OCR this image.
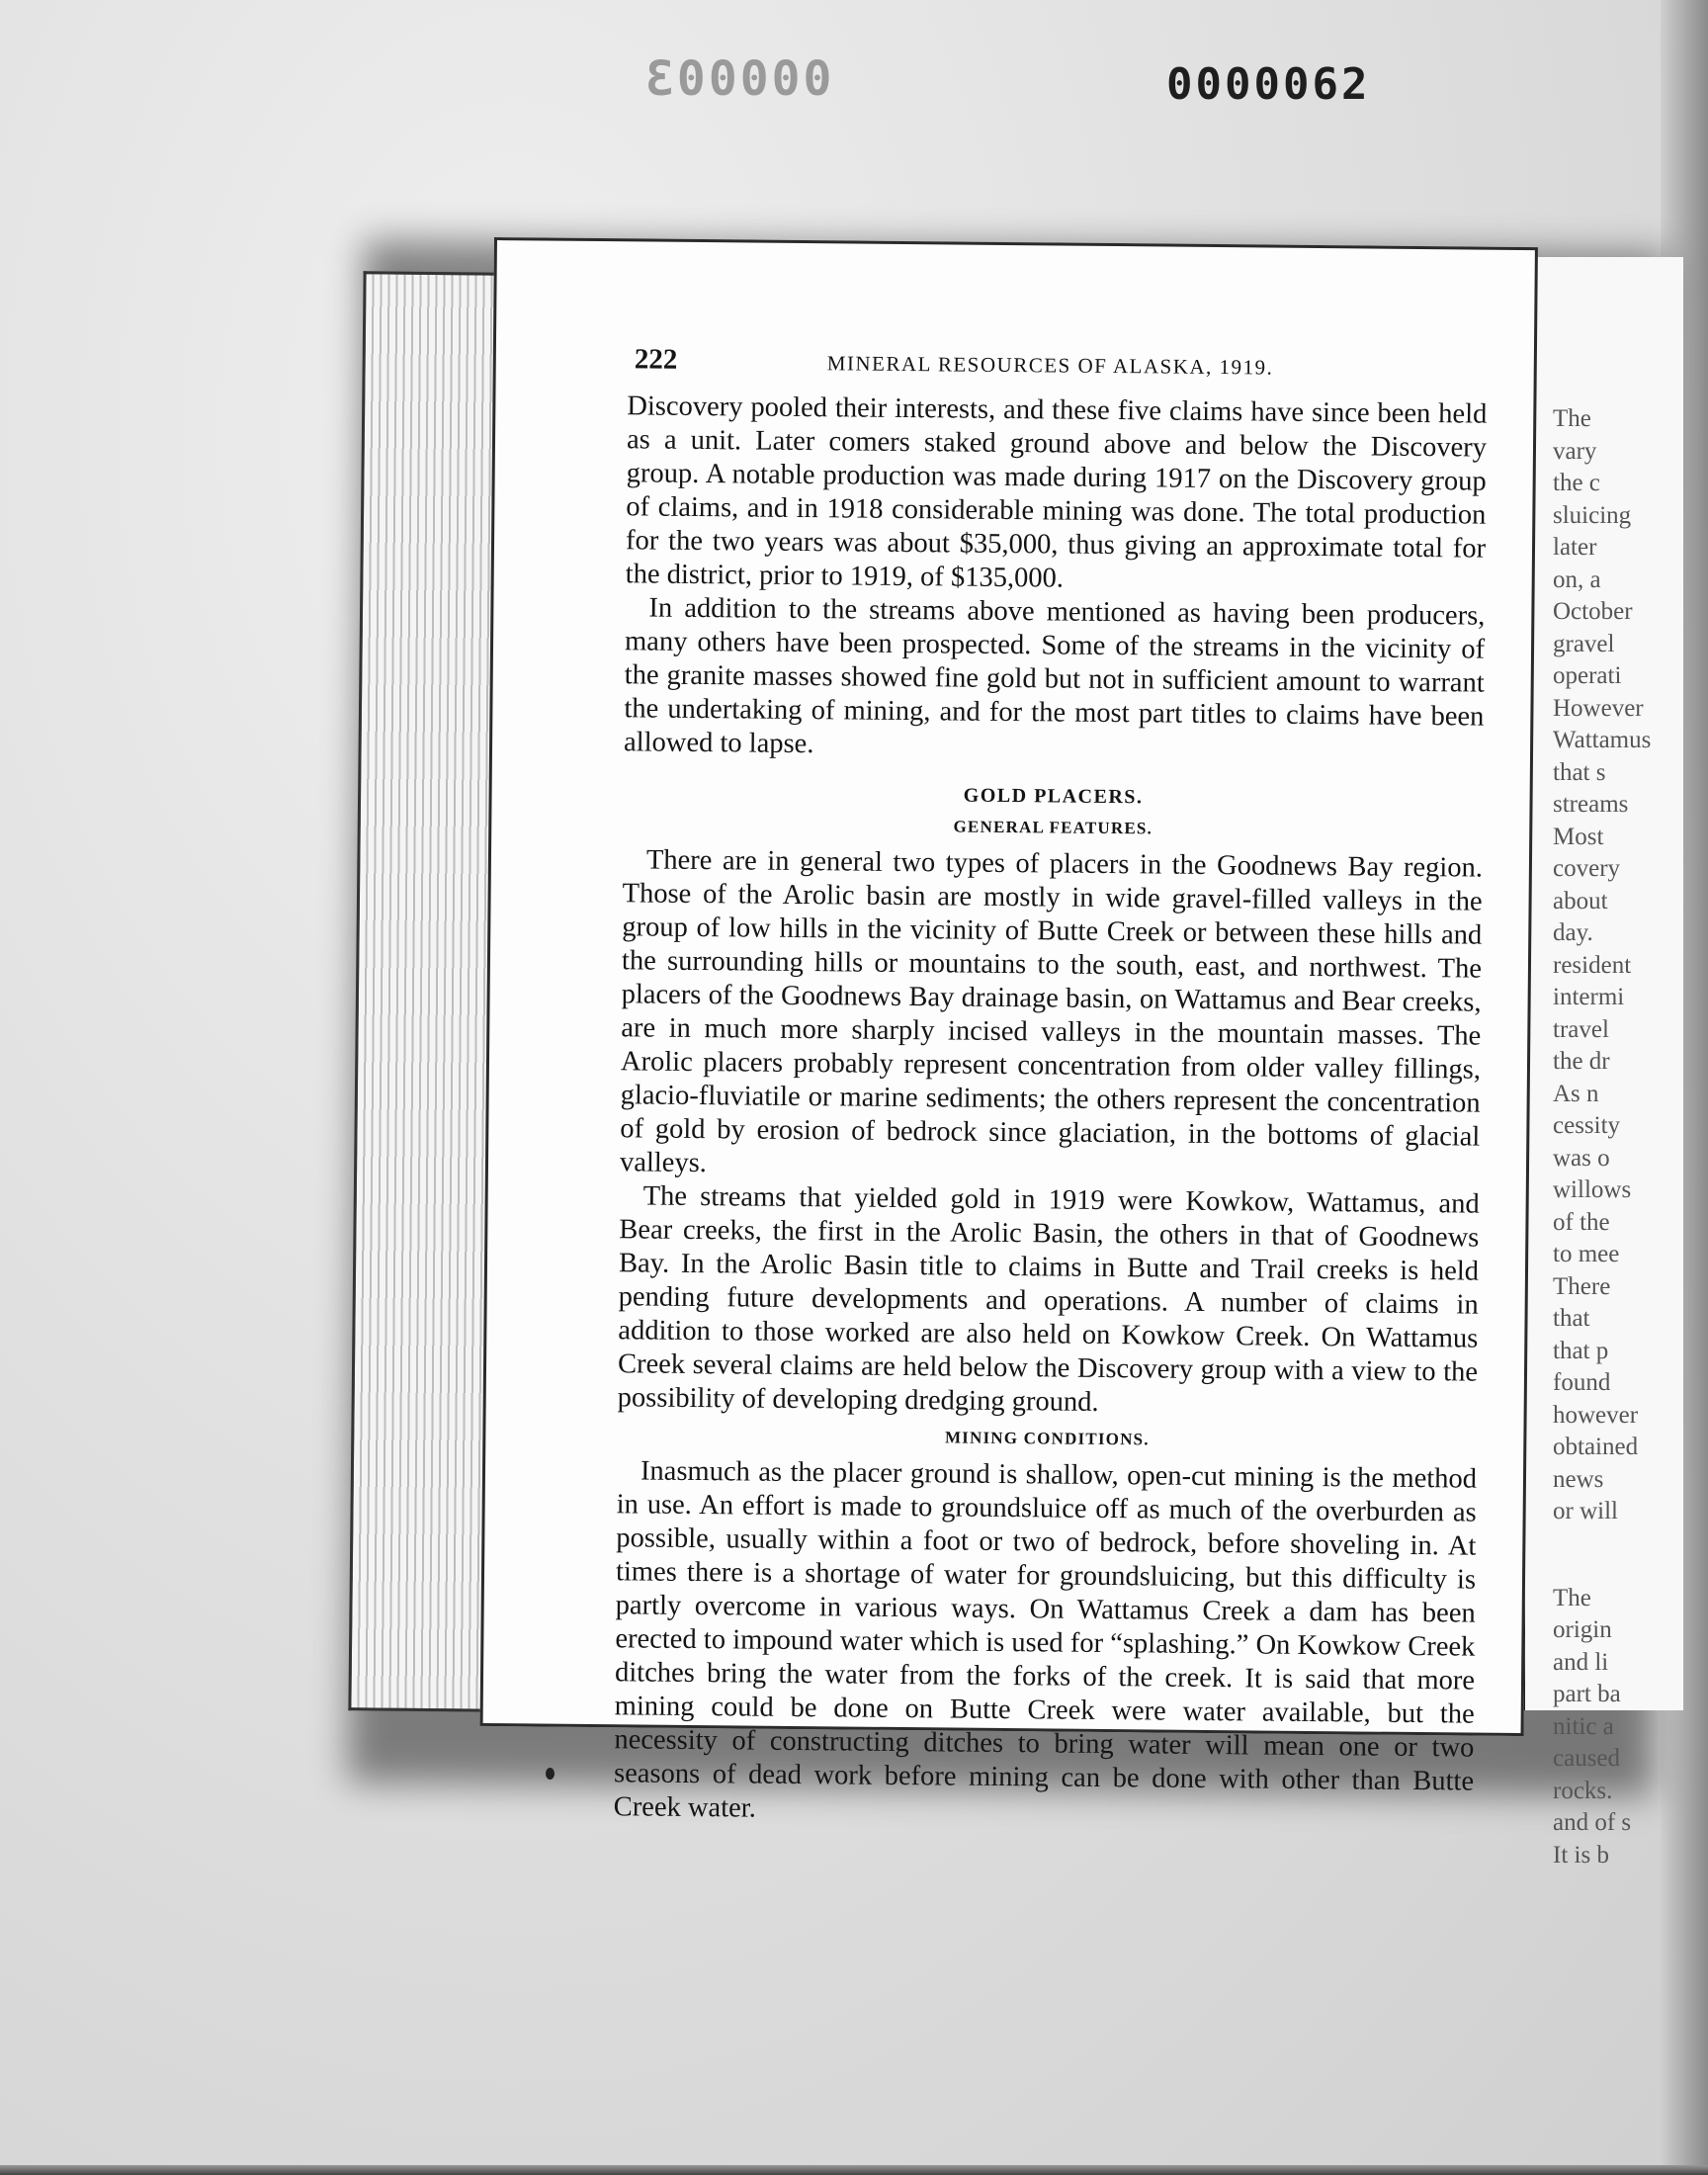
000003	0000062

The

vary

the c

sluicing

later

on, a

October

gravel

operati

However

Wattamus

that s

streams

Most

covery

about

day.

resident

intermi

travel

the dr

As n

cessity

was o

willows

of the

to mee

There

that

that p

found

however

obtained

news

or will

The

origin

and li

part ba

nitic a

caused

rocks.

and of s

It is b

222	MINERAL RESOURCES OF ALASKA, 1919.

Discovery pooled their interests, and these five claims have since been held as a unit. Later comers staked ground above and below the Discovery group. A notable production was made during 1917 on the Discovery group of claims, and in 1918 considerable mining was done. The total production for the two years was about $35,000, thus giving an approximate total for the district, prior to 1919, of $135,000.

In addition to the streams above mentioned as having been producers, many others have been prospected. Some of the streams in the vicinity of the granite masses showed fine gold but not in sufficient amount to warrant the undertaking of mining, and for the most part titles to claims have been allowed to lapse.

GOLD PLACERS.
GENERAL FEATURES.

There are in general two types of placers in the Goodnews Bay region. Those of the Arolic basin are mostly in wide gravel-filled valleys in the group of low hills in the vicinity of Butte Creek or between these hills and the surrounding hills or mountains to the south, east, and northwest. The placers of the Goodnews Bay drainage basin, on Wattamus and Bear creeks, are in much more sharply incised valleys in the mountain masses. The Arolic placers probably represent concentration from older valley fillings, glacio-fluviatile or marine sediments; the others represent the concentration of gold by erosion of bedrock since glaciation, in the bottoms of glacial valleys.

The streams that yielded gold in 1919 were Kowkow, Wattamus, and Bear creeks, the first in the Arolic Basin, the others in that of Goodnews Bay. In the Arolic Basin title to claims in Butte and Trail creeks is held pending future developments and operations. A number of claims in addition to those worked are also held on Kowkow Creek. On Wattamus Creek several claims are held below the Discovery group with a view to the possibility of developing dredging ground.

MINING CONDITIONS.

Inasmuch as the placer ground is shallow, open-cut mining is the method in use. An effort is made to groundsluice off as much of the overburden as possible, usually within a foot or two of bedrock, before shoveling in. At times there is a shortage of water for groundsluicing, but this difficulty is partly overcome in various ways. On Wattamus Creek a dam has been erected to impound water which is used for “splashing.” On Kowkow Creek ditches bring the water from the forks of the creek. It is said that more mining could be done on Butte Creek were water available, but the necessity of constructing ditches to bring water will mean one or two seasons of dead work before mining can be done with other than Butte Creek water.
